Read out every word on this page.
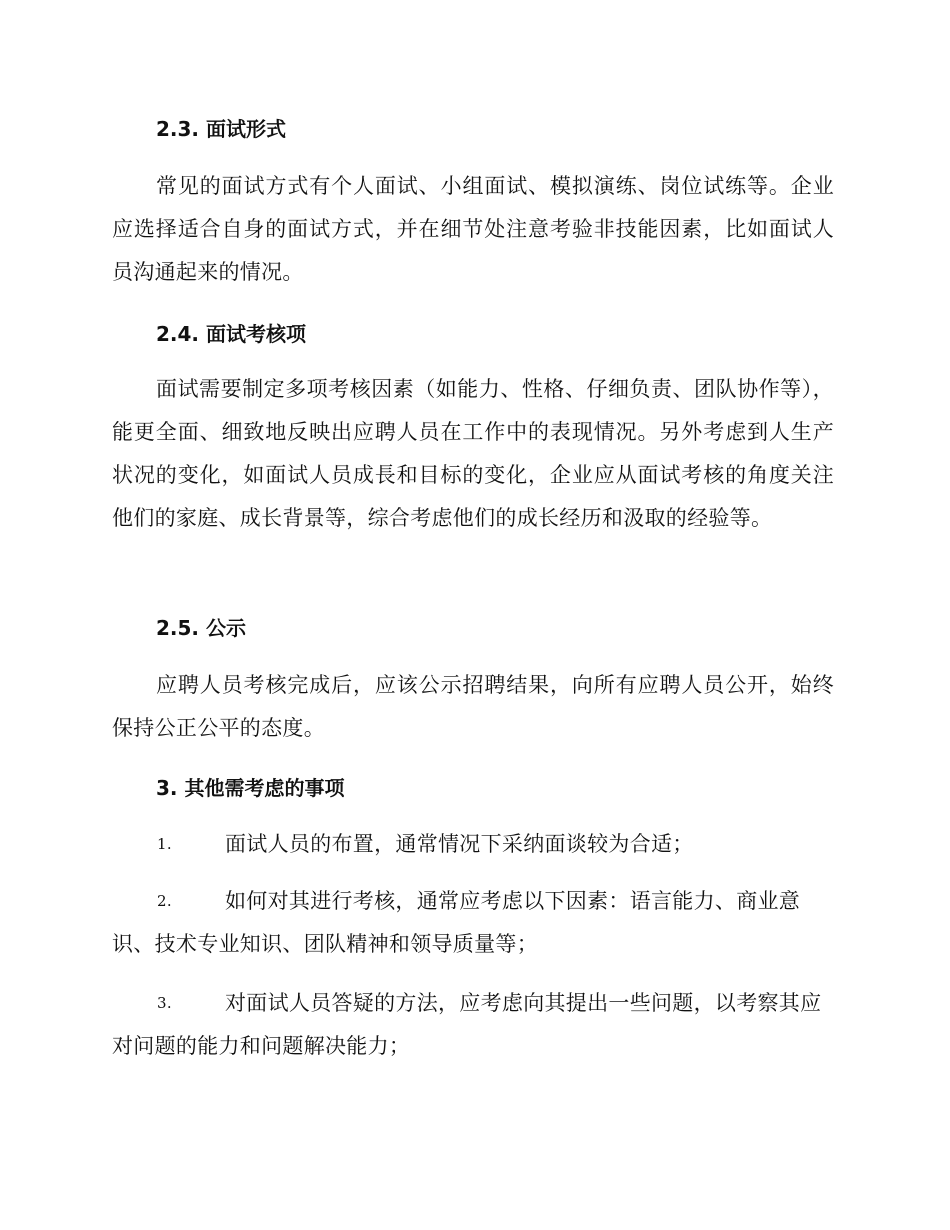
2.3. 面试形式
常见的面试方式有个人面试、小组面试、模拟演练、岗位试练等。企业应选择适合自身的面试方式，并在细节处注意考验非技能因素，比如面试人员沟通起来的情况。
2.4. 面试考核项
面试需要制定多项考核因素（如能力、性格、仔细负责、团队协作等），能更全面、细致地反映出应聘人员在工作中的表现情况。另外考虑到人生产状况的变化，如面试人员成長和目标的变化，企业应从面试考核的角度关注他们的家庭、成长背景等，综合考虑他们的成长经历和汲取的经验等。
2.5. 公示
应聘人员考核完成后，应该公示招聘结果，向所有应聘人员公开，始终保持公正公平的态度。
3. 其他需考虑的事项
1.	面试人员的布置，通常情况下采纳面谈较为合适；
2.	如何对其进行考核，通常应考虑以下因素：语言能力、商业意
识、技术专业知识、团队精神和领导质量等；
3.	对面试人员答疑的方法，应考虑向其提出一些问题，以考察其应
对问题的能力和问题解决能力；
